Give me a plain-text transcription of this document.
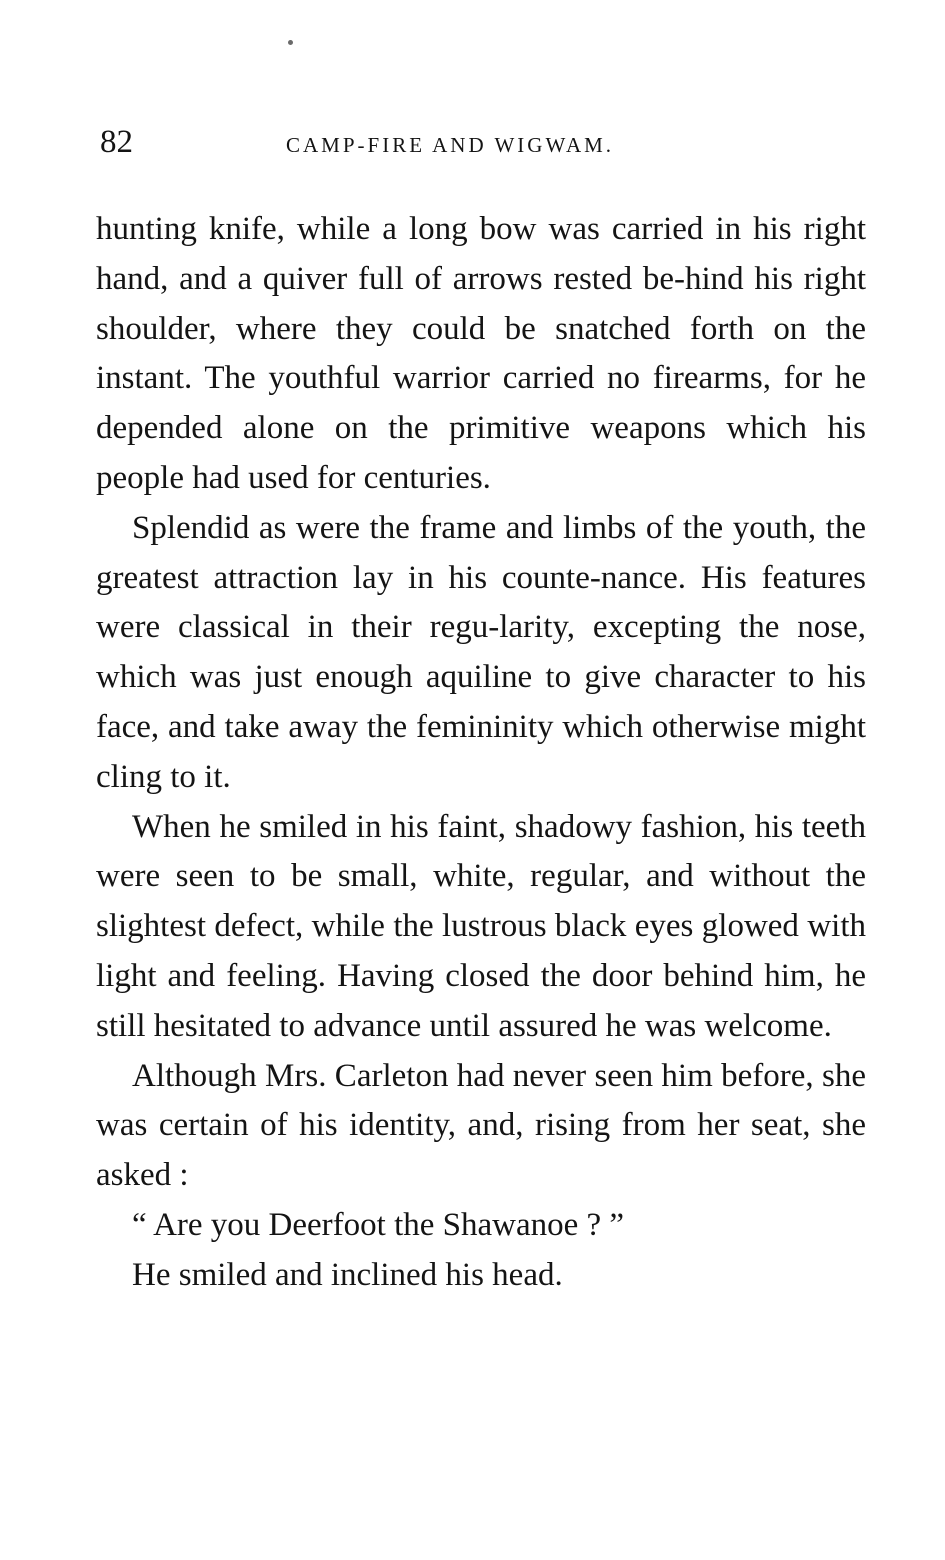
82	CAMP-FIRE AND WIGWAM.

hunting knife, while a long bow was carried in his right hand, and a quiver full of arrows rested be-hind his right shoulder, where they could be snatched forth on the instant. The youthful warrior carried no firearms, for he depended alone on the primitive weapons which his people had used for centuries.

Splendid as were the frame and limbs of the youth, the greatest attraction lay in his counte-nance. His features were classical in their regu-larity, excepting the nose, which was just enough aquiline to give character to his face, and take away the femininity which otherwise might cling to it.

When he smiled in his faint, shadowy fashion, his teeth were seen to be small, white, regular, and without the slightest defect, while the lustrous black eyes glowed with light and feeling. Having closed the door behind him, he still hesitated to advance until assured he was welcome.

Although Mrs. Carleton had never seen him before, she was certain of his identity, and, rising from her seat, she asked :

“ Are you Deerfoot the Shawanoe ? ”

He smiled and inclined his head.
